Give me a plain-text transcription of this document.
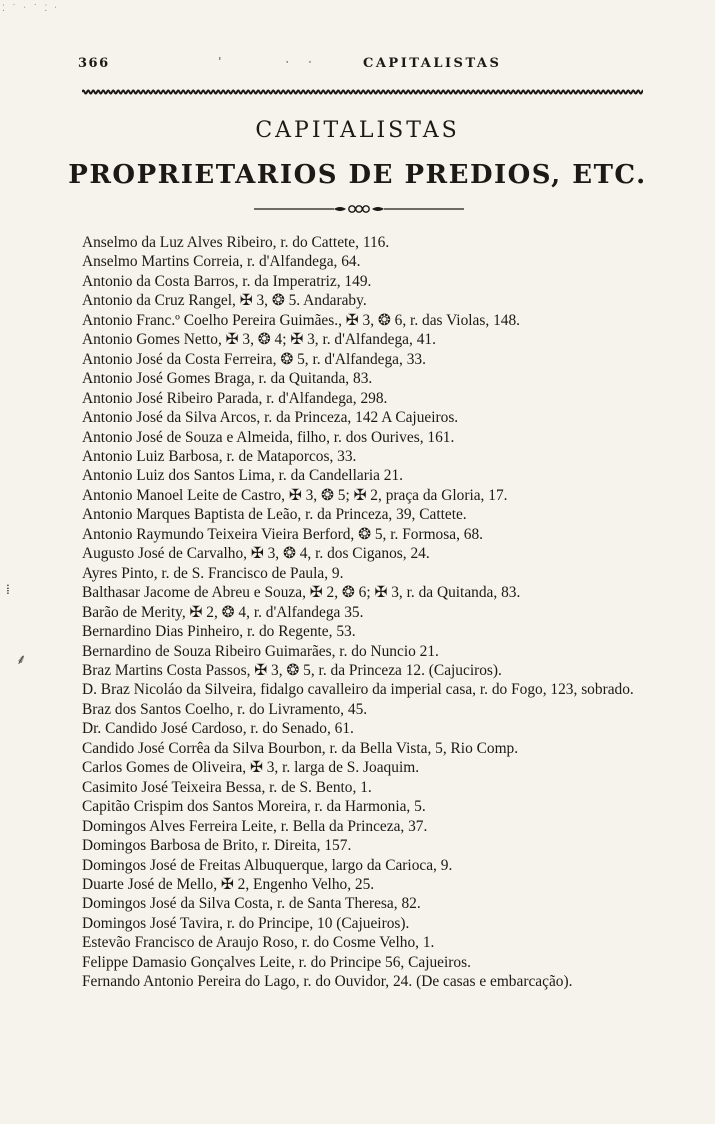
⁚ ˙ ˑ ˙ ⁚ ˑ
366	ˈ           ˑ   ˑ	CAPITALISTAS
CAPITALISTAS
PROPRIETARIOS DE PREDIOS, ETC.
Anselmo da Luz Alves Ribeiro, r. do Cattete, 116.
Anselmo Martins Correia, r. d'Alfandega, 64.
Antonio da Costa Barros, r. da Imperatriz, 149.
Antonio da Cruz Rangel, ✠ 3, ❂ 5. Andaraby.
Antonio Franc.º Coelho Pereira Guimães., ✠ 3, ❂ 6, r. das Violas, 148.
Antonio Gomes Netto, ✠ 3, ❂ 4; ✠ 3, r. d'Alfandega, 41.
Antonio José da Costa Ferreira, ❂ 5, r. d'Alfandega, 33.
Antonio José Gomes Braga, r. da Quitanda, 83.
Antonio José Ribeiro Parada, r. d'Alfandega, 298.
Antonio José da Silva Arcos, r. da Princeza, 142 A Cajueiros.
Antonio José de Souza e Almeida, filho, r. dos Ourives, 161.
Antonio Luiz Barbosa, r. de Mataporcos, 33.
Antonio Luiz dos Santos Lima, r. da Candellaria 21.
Antonio Manoel Leite de Castro, ✠ 3, ❂ 5; ✠ 2, praça da Gloria, 17.
Antonio Marques Baptista de Leão, r. da Princeza, 39, Cattete.
Antonio Raymundo Teixeira Vieira Berford, ❂ 5, r. Formosa, 68.
Augusto José de Carvalho, ✠ 3, ❂ 4, r. dos Ciganos, 24.
Ayres Pinto, r. de S. Francisco de Paula, 9.
Balthasar Jacome de Abreu e Souza, ✠ 2, ❂ 6; ✠ 3, r. da Quitanda, 83.
Barão de Merity, ✠ 2, ❂ 4, r. d'Alfandega 35.
Bernardino Dias Pinheiro, r. do Regente, 53.
Bernardino de Souza Ribeiro Guimarães, r. do Nuncio 21.
Braz Martins Costa Passos, ✠ 3, ❂ 5, r. da Princeza 12. (Cajuciros).
D. Braz Nicoláo da Silveira, fidalgo cavalleiro da imperial casa, r. do Fogo, 123, sobrado.
Braz dos Santos Coelho, r. do Livramento, 45.
Dr. Candido José Cardoso, r. do Senado, 61.
Candido José Corrêa da Silva Bourbon, r. da Bella Vista, 5, Rio Comp.
Carlos Gomes de Oliveira, ✠ 3, r. larga de S. Joaquim.
Casimito José Teixeira Bessa, r. de S. Bento, 1.
Capitão Crispim dos Santos Moreira, r. da Harmonia, 5.
Domingos Alves Ferreira Leite, r. Bella da Princeza, 37.
Domingos Barbosa de Brito, r. Direita, 157.
Domingos José de Freitas Albuquerque, largo da Carioca, 9.
Duarte José de Mello, ✠ 2, Engenho Velho, 25.
Domingos José da Silva Costa, r. de Santa Theresa, 82.
Domingos José Tavira, r. do Principe, 10 (Cajueiros).
Estevão Francisco de Araujo Roso, r. do Cosme Velho, 1.
Felippe Damasio Gonçalves Leite, r. do Principe 56, Cajueiros.
Fernando Antonio Pereira do Lago, r. do Ouvidor, 24. (De casas e embarcação).
⁞
⸙
